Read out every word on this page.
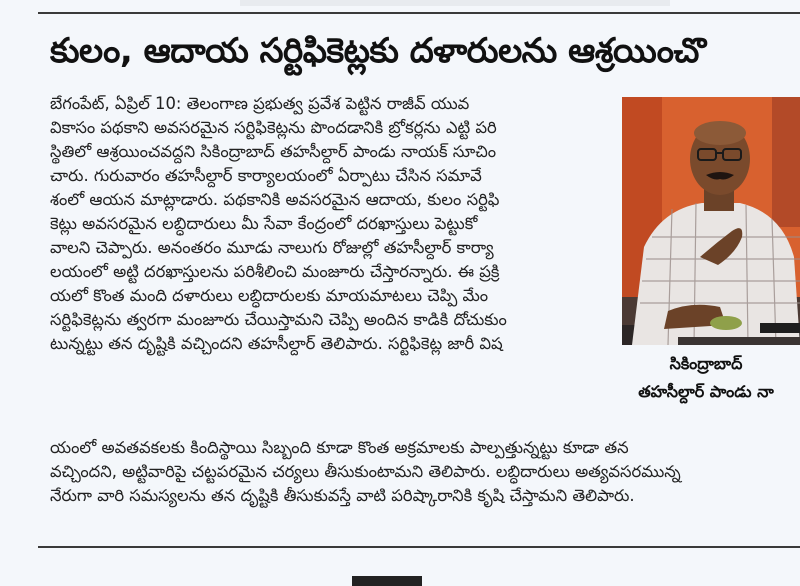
కులం, ఆదాయ సర్టిఫికెట్లకు దళారులను ఆశ్రయించొ
బేగంపేట్, ఏప్రిల్ 10: తెలంగాణ ప్రభుత్వ ప్రవేశ పెట్టిన రాజీవ్ యువ
వికాసం పథకాని అవసరమైన సర్టిఫికెట్లను పొందడానికి బ్రోకర్లను ఎట్టి పరి
స్థితిలో ఆశ్రయించవద్దని సికింద్రాబాద్ తహసీల్దార్ పాండు నాయక్ సూచిం
చారు. గురువారం తహసీల్దార్ కార్యాలయంలో ఏర్పాటు చేసిన సమావే
శంలో ఆయన మాట్లాడారు. పథకానికి అవసరమైన ఆదాయ, కులం సర్టిఫి
కెట్లు అవసరమైన లబ్ధిదారులు మీ సేవా కేంద్రంలో దరఖాస్తులు పెట్టుకో
వాలని చెప్పారు. అనంతరం మూడు నాలుగు రోజుల్లో తహసీల్దార్ కార్యా
లయంలో అట్టి దరఖాస్తులను పరిశీలించి మంజూరు చేస్తారన్నారు. ఈ ప్రక్రి
యలో కొంత మంది దళారులు లబ్ధిదారులకు మాయమాటలు చెప్పి మేం
సర్టిఫికెట్లను త్వరగా మంజూరు చేయిస్తామని చెప్పి అందిన కాడికి దోచుకుం
టున్నట్టు తన దృష్టికి వచ్చిందని తహసీల్దార్ తెలిపారు. సర్టిఫికెట్ల జారీ విష
యంలో అవతవకలకు కిందిస్థాయి సిబ్బంది కూడా కొంత అక్రమాలకు పాల్పత్తున్నట్టు కూడా తన
వచ్చిందని, అట్టివారిపై చట్టపరమైన చర్యలు తీసుకుంటామని తెలిపారు. లబ్ధిదారులు అత్యవసరమున్న
నేరుగా వారి సమస్యలను తన దృష్టికి తీసుకువస్తే వాటి పరిష్కారానికి కృషి చేస్తామని తెలిపారు.
సికింద్రాబాద్
తహసీల్దార్ పాండు నా
